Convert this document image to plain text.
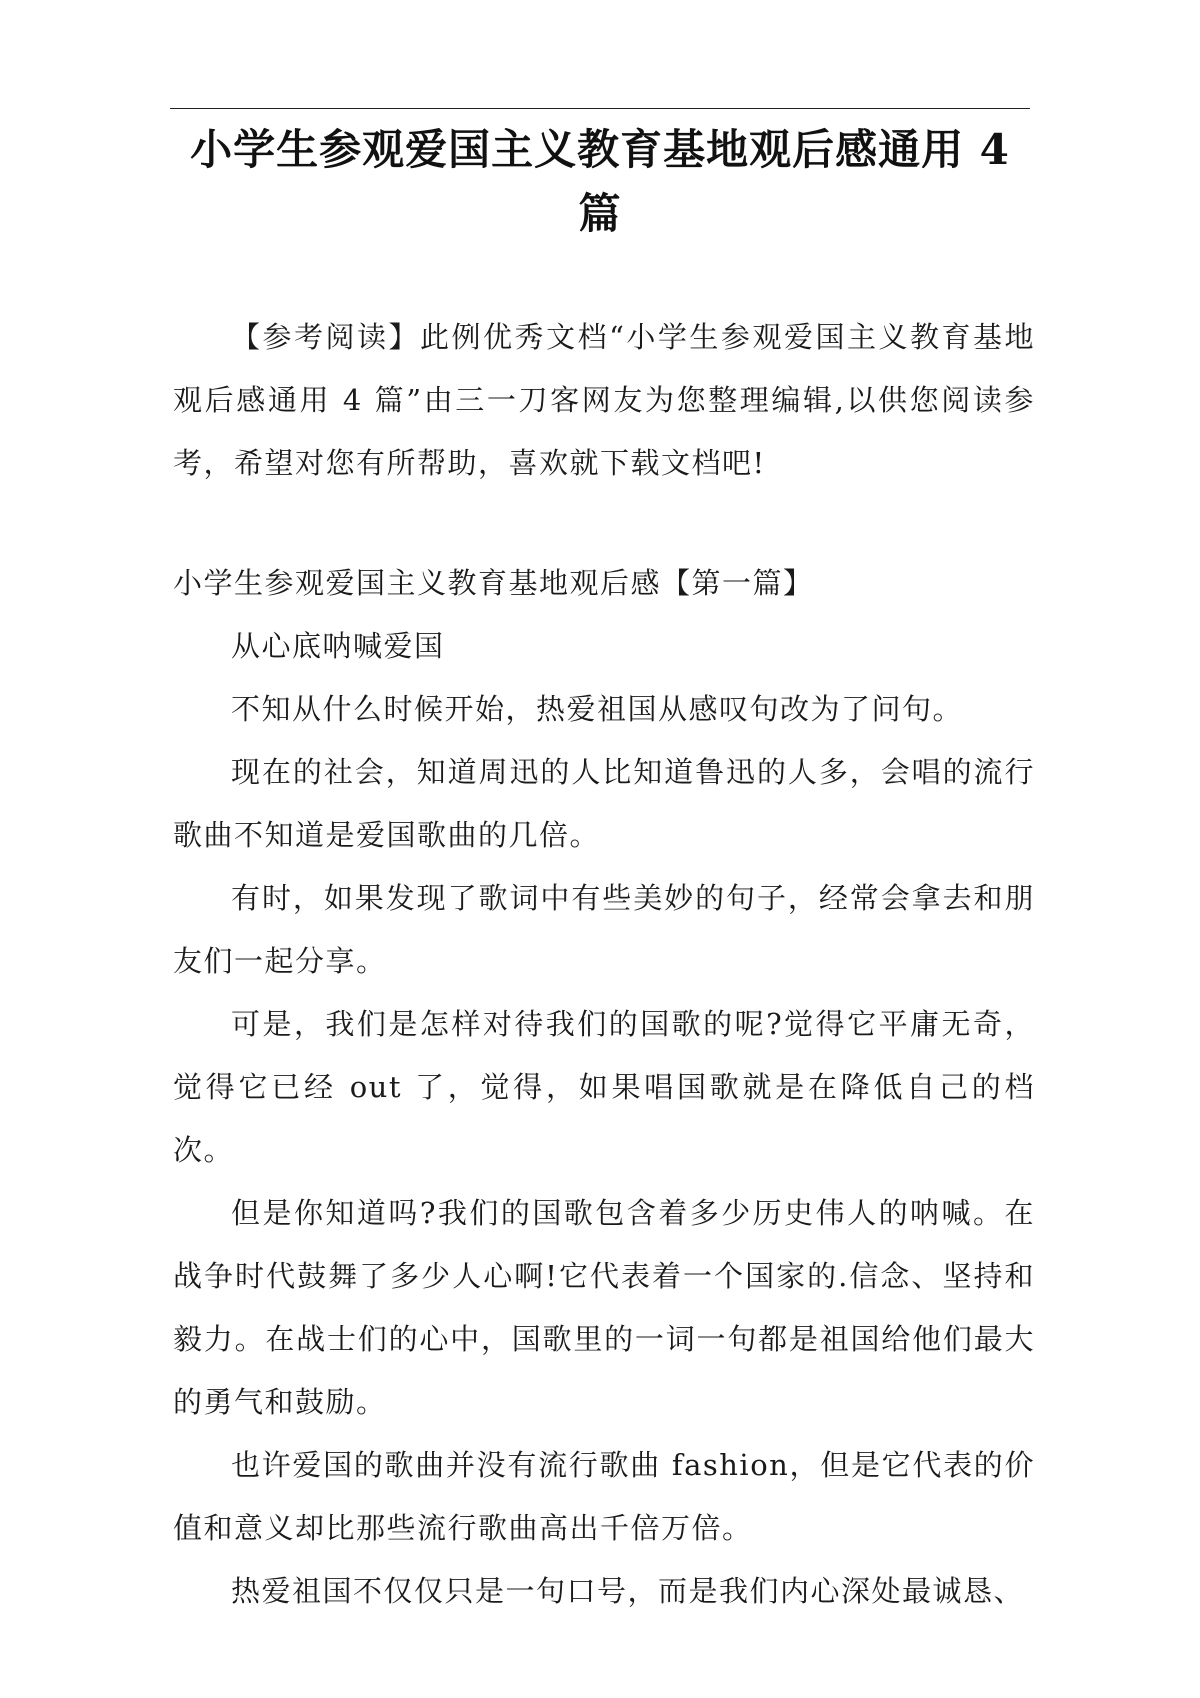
小学生参观爱国主义教育基地观后感通用 4 篇

【参考阅读】此例优秀文档“小学生参观爱国主义教育基地观后感通用 4 篇”由三一刀客网友为您整理编辑,以供您阅读参考，希望对您有所帮助，喜欢就下载文档吧!

小学生参观爱国主义教育基地观后感【第一篇】

从心底呐喊爱国

不知从什么时候开始，热爱祖国从感叹句改为了问句。

现在的社会，知道周迅的人比知道鲁迅的人多，会唱的流行歌曲不知道是爱国歌曲的几倍。

有时，如果发现了歌词中有些美妙的句子，经常会拿去和朋友们一起分享。

可是，我们是怎样对待我们的国歌的呢?觉得它平庸无奇，觉得它已经 out 了，觉得，如果唱国歌就是在降低自己的档次。

但是你知道吗?我们的国歌包含着多少历史伟人的呐喊。在战争时代鼓舞了多少人心啊!它代表着一个国家的.信念、坚持和毅力。在战士们的心中，国歌里的一词一句都是祖国给他们最大的勇气和鼓励。

也许爱国的歌曲并没有流行歌曲 fashion，但是它代表的价值和意义却比那些流行歌曲高出千倍万倍。

热爱祖国不仅仅只是一句口号，而是我们内心深处最诚恳、
